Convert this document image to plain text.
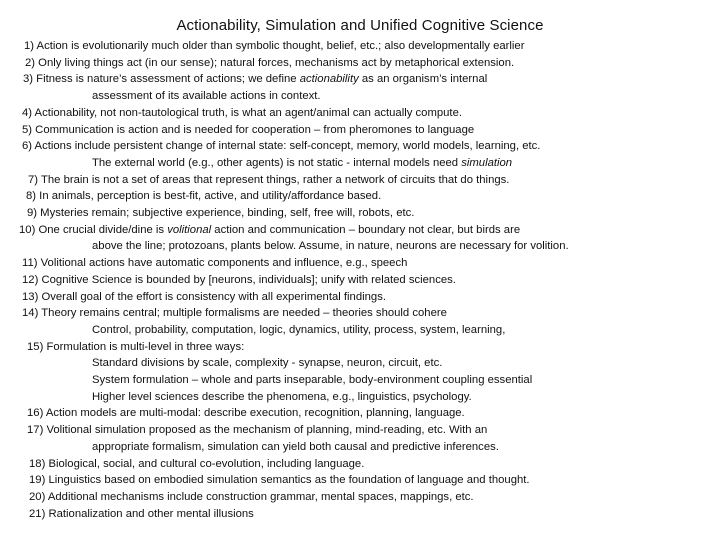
Actionability, Simulation and Unified Cognitive Science
1) Action is evolutionarily much older than symbolic thought, belief, etc.; also developmentally earlier
2) Only living things act (in our sense); natural forces, mechanisms act by metaphorical extension.
3) Fitness is nature’s assessment of actions; we define actionability as an organism’s internal
assessment of its available actions in context.
4) Actionability, not non-tautological truth, is what an agent/animal can actually compute.
5) Communication is action and is needed for cooperation – from pheromones to language
6) Actions include persistent change of internal state: self-concept, memory, world models, learning, etc.
The external world (e.g., other agents) is not static - internal models need simulation
7) The brain is not a set of areas that represent things, rather a network of circuits that do things.
8) In animals, perception is best-fit, active, and utility/affordance based.
9) Mysteries remain; subjective experience, binding, self, free will, robots, etc.
10) One crucial divide/dine is volitional action and communication – boundary not clear, but birds are
above the line; protozoans, plants below. Assume, in nature, neurons are necessary for volition.
11) Volitional actions have automatic components and influence, e.g., speech
12) Cognitive Science is bounded by [neurons, individuals]; unify with related sciences.
13) Overall goal of the effort is consistency with all experimental findings.
14) Theory remains central; multiple formalisms are needed – theories should cohere
Control, probability, computation, logic, dynamics, utility, process, system, learning,
15) Formulation is multi-level in three ways:
Standard divisions by scale, complexity - synapse, neuron, circuit, etc.
System formulation – whole and parts inseparable, body-environment coupling essential
Higher level sciences describe the phenomena, e.g., linguistics, psychology.
16) Action models are multi-modal: describe execution, recognition, planning, language.
17) Volitional simulation proposed as the mechanism of planning, mind-reading, etc. With an
appropriate formalism, simulation can yield both causal and predictive inferences.
18) Biological, social, and cultural co-evolution, including language.
19) Linguistics based on embodied simulation semantics as the foundation of language and thought.
20) Additional mechanisms include construction grammar, mental spaces, mappings, etc.
21) Rationalization and other mental illusions
